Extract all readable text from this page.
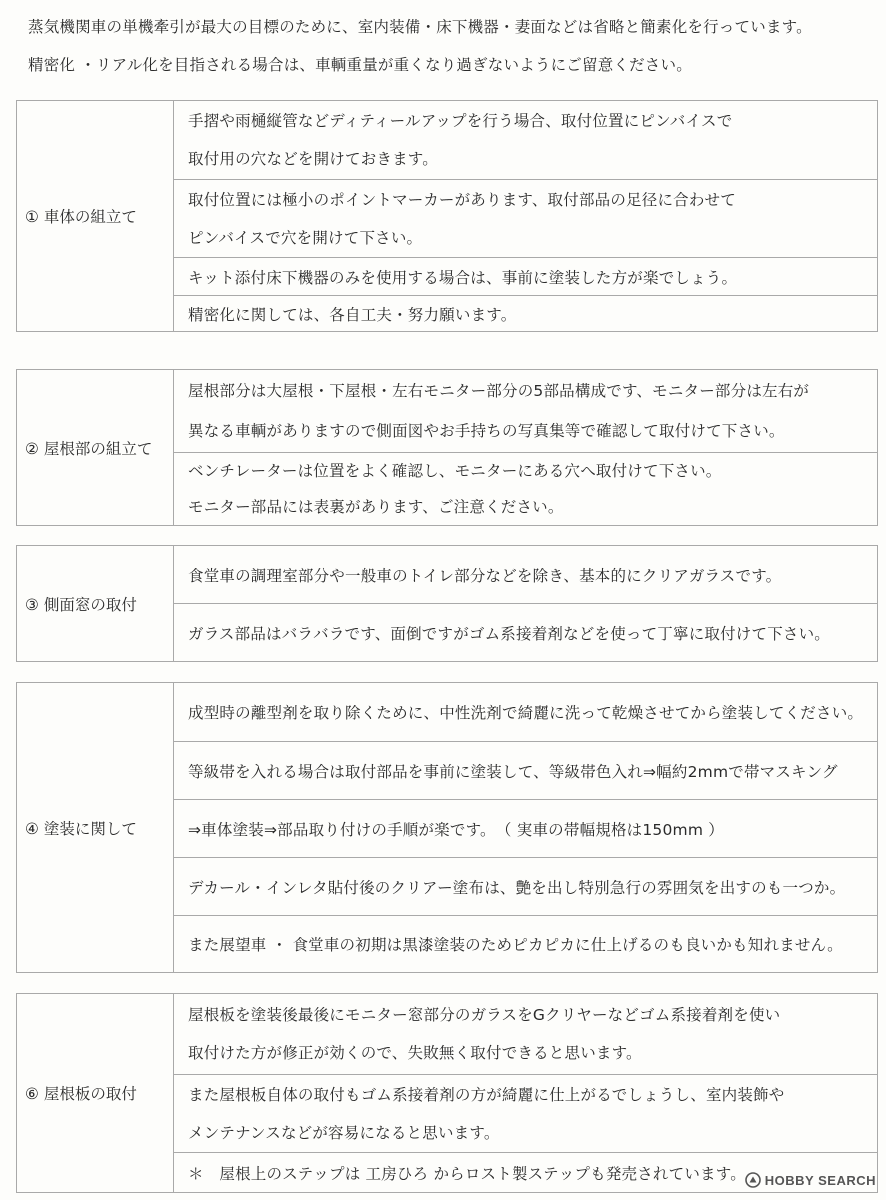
蒸気機関車の単機牽引が最大の目標のために、室内装備・床下機器・妻面などは省略と簡素化を行っています。

精密化 ・リアル化を目指される場合は、車輌重量が重くなり過ぎないようにご留意ください。

① 車体の組立て
手摺や雨樋縦管などディティールアップを行う場合、取付位置にピンバイスで
取付用の穴などを開けておきます。
取付位置には極小のポイントマーカーがあります、取付部品の足径に合わせて
ピンバイスで穴を開けて下さい。
キット添付床下機器のみを使用する場合は、事前に塗装した方が楽でしょう。
精密化に関しては、各自工夫・努力願います。
② 屋根部の組立て
屋根部分は大屋根・下屋根・左右モニター部分の5部品構成です、モニター部分は左右が
異なる車輌がありますので側面図やお手持ちの写真集等で確認して取付けて下さい。
ベンチレーターは位置をよく確認し、モニターにある穴へ取付けて下さい。
モニター部品には表裏があります、ご注意ください。
③ 側面窓の取付
食堂車の調理室部分や一般車のトイレ部分などを除き、基本的にクリアガラスです。
ガラス部品はバラバラです、面倒ですがゴム系接着剤などを使って丁寧に取付けて下さい。
④ 塗装に関して
成型時の離型剤を取り除くために、中性洗剤で綺麗に洗って乾燥させてから塗装してください。
等級帯を入れる場合は取付部品を事前に塗装して、等級帯色入れ⇒幅約2mmで帯マスキング
⇒車体塗装⇒部品取り付けの手順が楽です。　（ 実車の帯幅規格は150mm ）
デカール・インレタ貼付後のクリアー塗布は、艶を出し特別急行の雰囲気を出すのも一つか。
また展望車 ・ 食堂車の初期は黒漆塗装のためピカピカに仕上げるのも良いかも知れません。
⑥ 屋根板の取付
屋根板を塗装後最後にモニター窓部分のガラスをGクリヤーなどゴム系接着剤を使い
取付けた方が修正が効くので、失敗無く取付できると思います。
また屋根板自体の取付もゴム系接着剤の方が綺麗に仕上がるでしょうし、室内装飾や
メンテナンスなどが容易になると思います。
＊　屋根上のステップは 工房ひろ からロスト製ステップも発売されています。	HOBBY SEARCH
